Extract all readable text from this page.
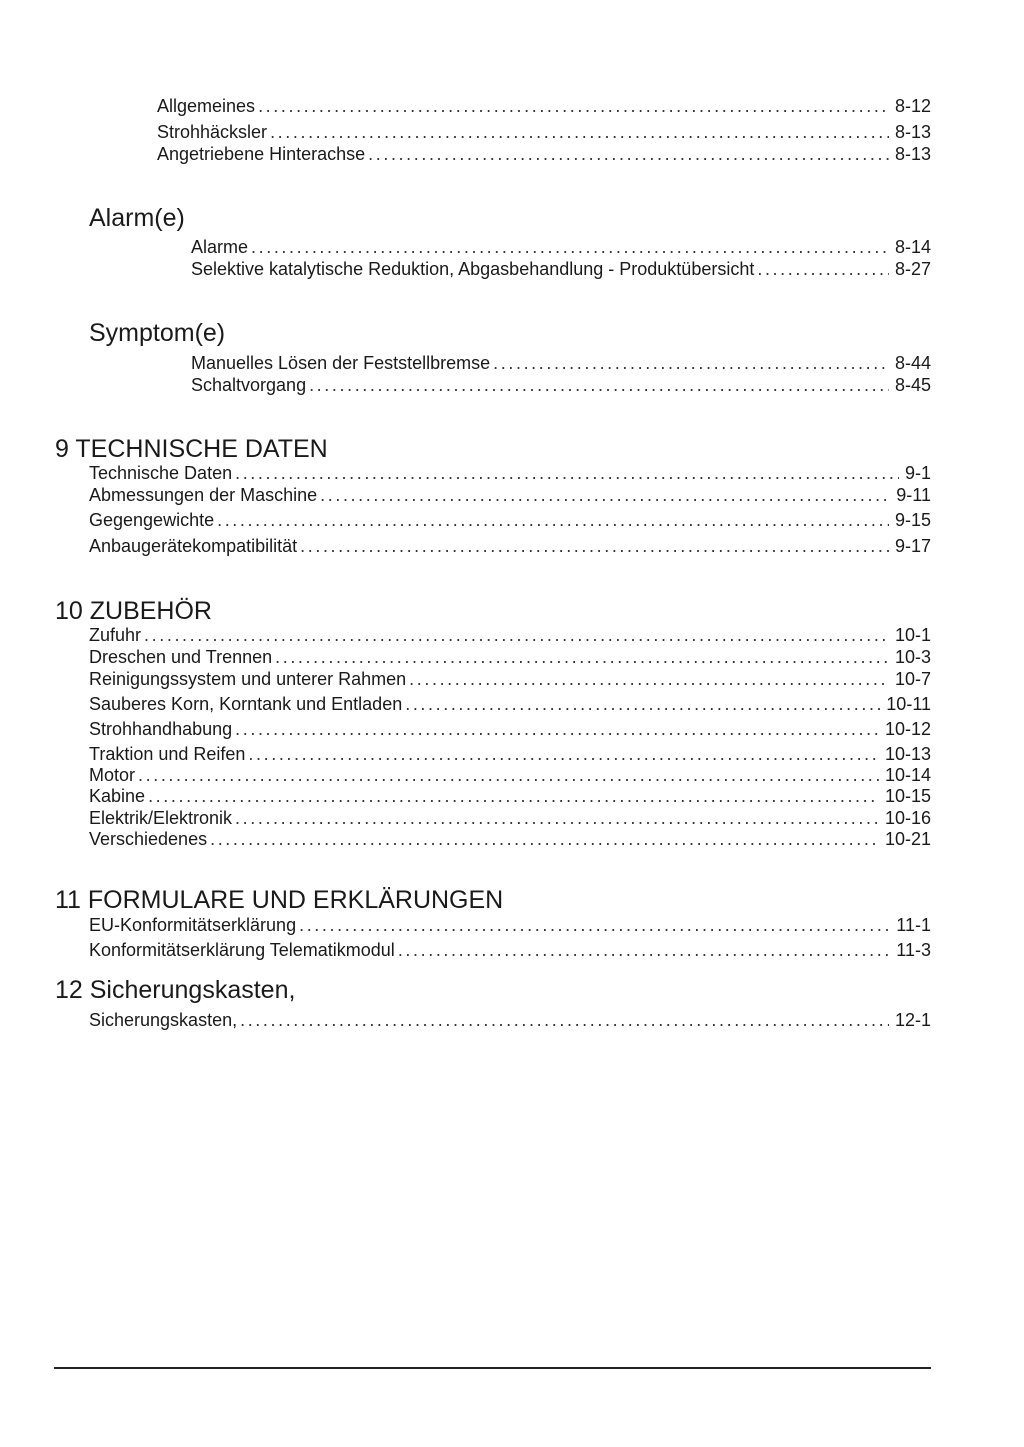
Allgemeines . . .	8-12
Strohhäcksler . . .	8-13
Angetriebene Hinterachse . . .	8-13
Alarm(e)
Alarme . . .	8-14
Selektive katalytische Reduktion, Abgasbehandlung - Produktübersicht . . .	8-27
Symptom(e)
Manuelles Lösen der Feststellbremse . . .	8-44
Schaltvorgang . . .	8-45
9 TECHNISCHE DATEN
Technische Daten . . .	9-1
Abmessungen der Maschine . . .	9-11
Gegengewichte . . .	9-15
Anbaugerätekompatibilität . . .	9-17
10 ZUBEHÖR
Zufuhr . . .	10-1
Dreschen und Trennen . . .	10-3
Reinigungssystem und unterer Rahmen . . .	10-7
Sauberes Korn, Korntank und Entladen . . .	10-11
Strohhandhabung . . .	10-12
Traktion und Reifen . . .	10-13
Motor . . .	10-14
Kabine . . .	10-15
Elektrik/Elektronik . . .	10-16
Verschiedenes . . .	10-21
11 FORMULARE UND ERKLÄRUNGEN
EU-Konformitätserklärung . . .	11-1
Konformitätserklärung Telematikmodul . . .	11-3
12 Sicherungskasten,
Sicherungskasten, . . .	12-1
